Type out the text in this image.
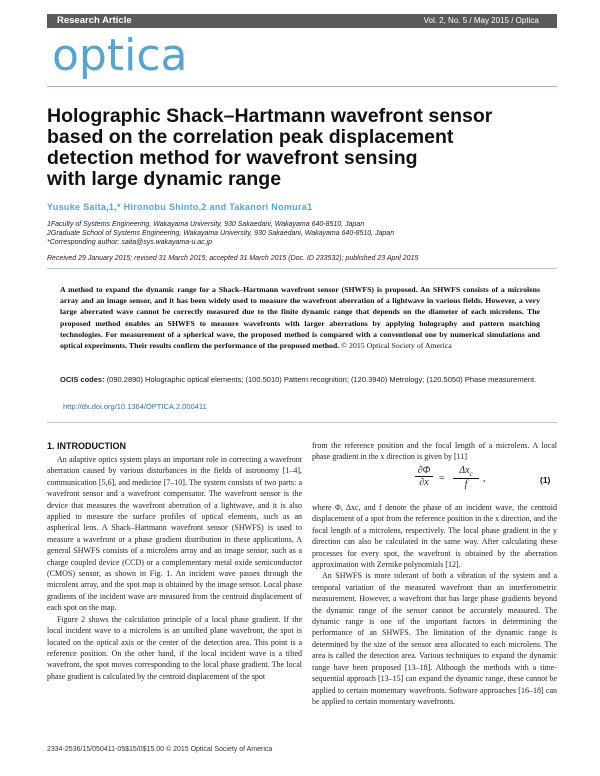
Research Article	Vol. 2, No. 5 / May 2015 / Optica 411
optica
Holographic Shack–Hartmann wavefront sensor
based on the correlation peak displacement
detection method for wavefront sensing
with large dynamic range
Yusuke Saita,1,* Hironobu Shinto,2 and Takanori Nomura1
1Faculty of Systems Engineering, Wakayama University, 930 Sakaedani, Wakayama 640-8510, Japan
2Graduate School of Systems Engineering, Wakayama University, 930 Sakaedani, Wakayama 640-8510, Japan
*Corresponding author: saita@sys.wakayama-u.ac.jp
Received 29 January 2015; revised 31 March 2015; accepted 31 March 2015 (Doc. ID 233532); published 23 April 2015
A method to expand the dynamic range for a Shack–Hartmann wavefront sensor (SHWFS) is proposed. An SHWFS consists of a microlens array and an image sensor, and it has been widely used to measure the wavefront aberration of a lightwave in various fields. However, a very large aberrated wave cannot be correctly measured due to the finite dynamic range that depends on the diameter of each microlens. The proposed method enables an SHWFS to measure wavefronts with larger aberrations by applying holography and pattern matching technologies. For measurement of a spherical wave, the proposed method is compared with a conventional one by numerical simulations and optical experiments. Their results confirm the performance of the proposed method. © 2015 Optical Society of America
OCIS codes: (090.2890) Holographic optical elements; (100.5010) Pattern recognition; (120.3940) Metrology; (120.5050) Phase measurement.
http://dx.doi.org/10.1364/OPTICA.2.000411
1. INTRODUCTION

An adaptive optics system plays an important role in correcting a wavefront aberration caused by various disturbances in the fields of astronomy [1–4], communication [5,6], and medicine [7–10]. The system consists of two parts: a wavefront sensor and a wavefront compensator. The wavefront sensor is the device that measures the wavefront aberration of a lightwave, and it is also applied to measure the surface profiles of optical elements, such as an aspherical lens. A Shack–Hartmann wavefront sensor (SHWFS) is used to measure a wavefront or a phase gradient distribution in these applications. A general SHWFS consists of a microlens array and an image sensor, such as a charge coupled device (CCD) or a complementary metal oxide semiconductor (CMOS) sensor, as shown in Fig. 1. An incident wave passes through the microlens array, and the spot map is obtained by the image sensor. Local phase gradients of the incident wave are measured from the centroid displacement of each spot on the map.

Figure 2 shows the calculation principle of a local phase gradient. If the local incident wave to a microlens is an untilted plane wavefront, the spot is located on the optical axis or the center of the detection area. This point is a reference position. On the other hand, if the local incident wave is a tilted wavefront, the spot moves corresponding to the local phase gradient. The local phase gradient is calculated by the centroid displacement of the spot

from the reference position and the focal length of a microlens. A local phase gradient in the x direction is given by [11]
∂Φ
∂x	=
$\Delta x_c$
f
,	(1)

where Φ, Δxc, and f denote the phase of an incident wave, the centroid displacement of a spot from the reference position in the x direction, and the focal length of a microlens, respectively. The local phase gradient in the y direction can also be calculated in the same way. After calculating these processes for every spot, the wavefront is obtained by the aberration approximation with Zernike polynomials [12].

An SHWFS is more tolerant of both a vibration of the system and a temporal variation of the measured wavefront than an interferometric measurement. However, a wavefront that has large phase gradients beyond the dynamic range of the sensor cannot be accurately measured. The dynamic range is one of the important factors in determining the performance of an SHWFS. The limitation of the dynamic range is determined by the size of the sensor area allocated to each microlens. The area is called the detection area. Various techniques to expand the dynamic range have been proposed [13–18]. Although the methods with a time-sequential approach [13–15] can expand the dynamic range, these cannot be applied to certain momentary wavefronts. Software approaches [16–18] can be applied to certain momentary wavefronts.

2334-2536/15/050411-05$15/0$15.00 © 2015 Optical Society of America
